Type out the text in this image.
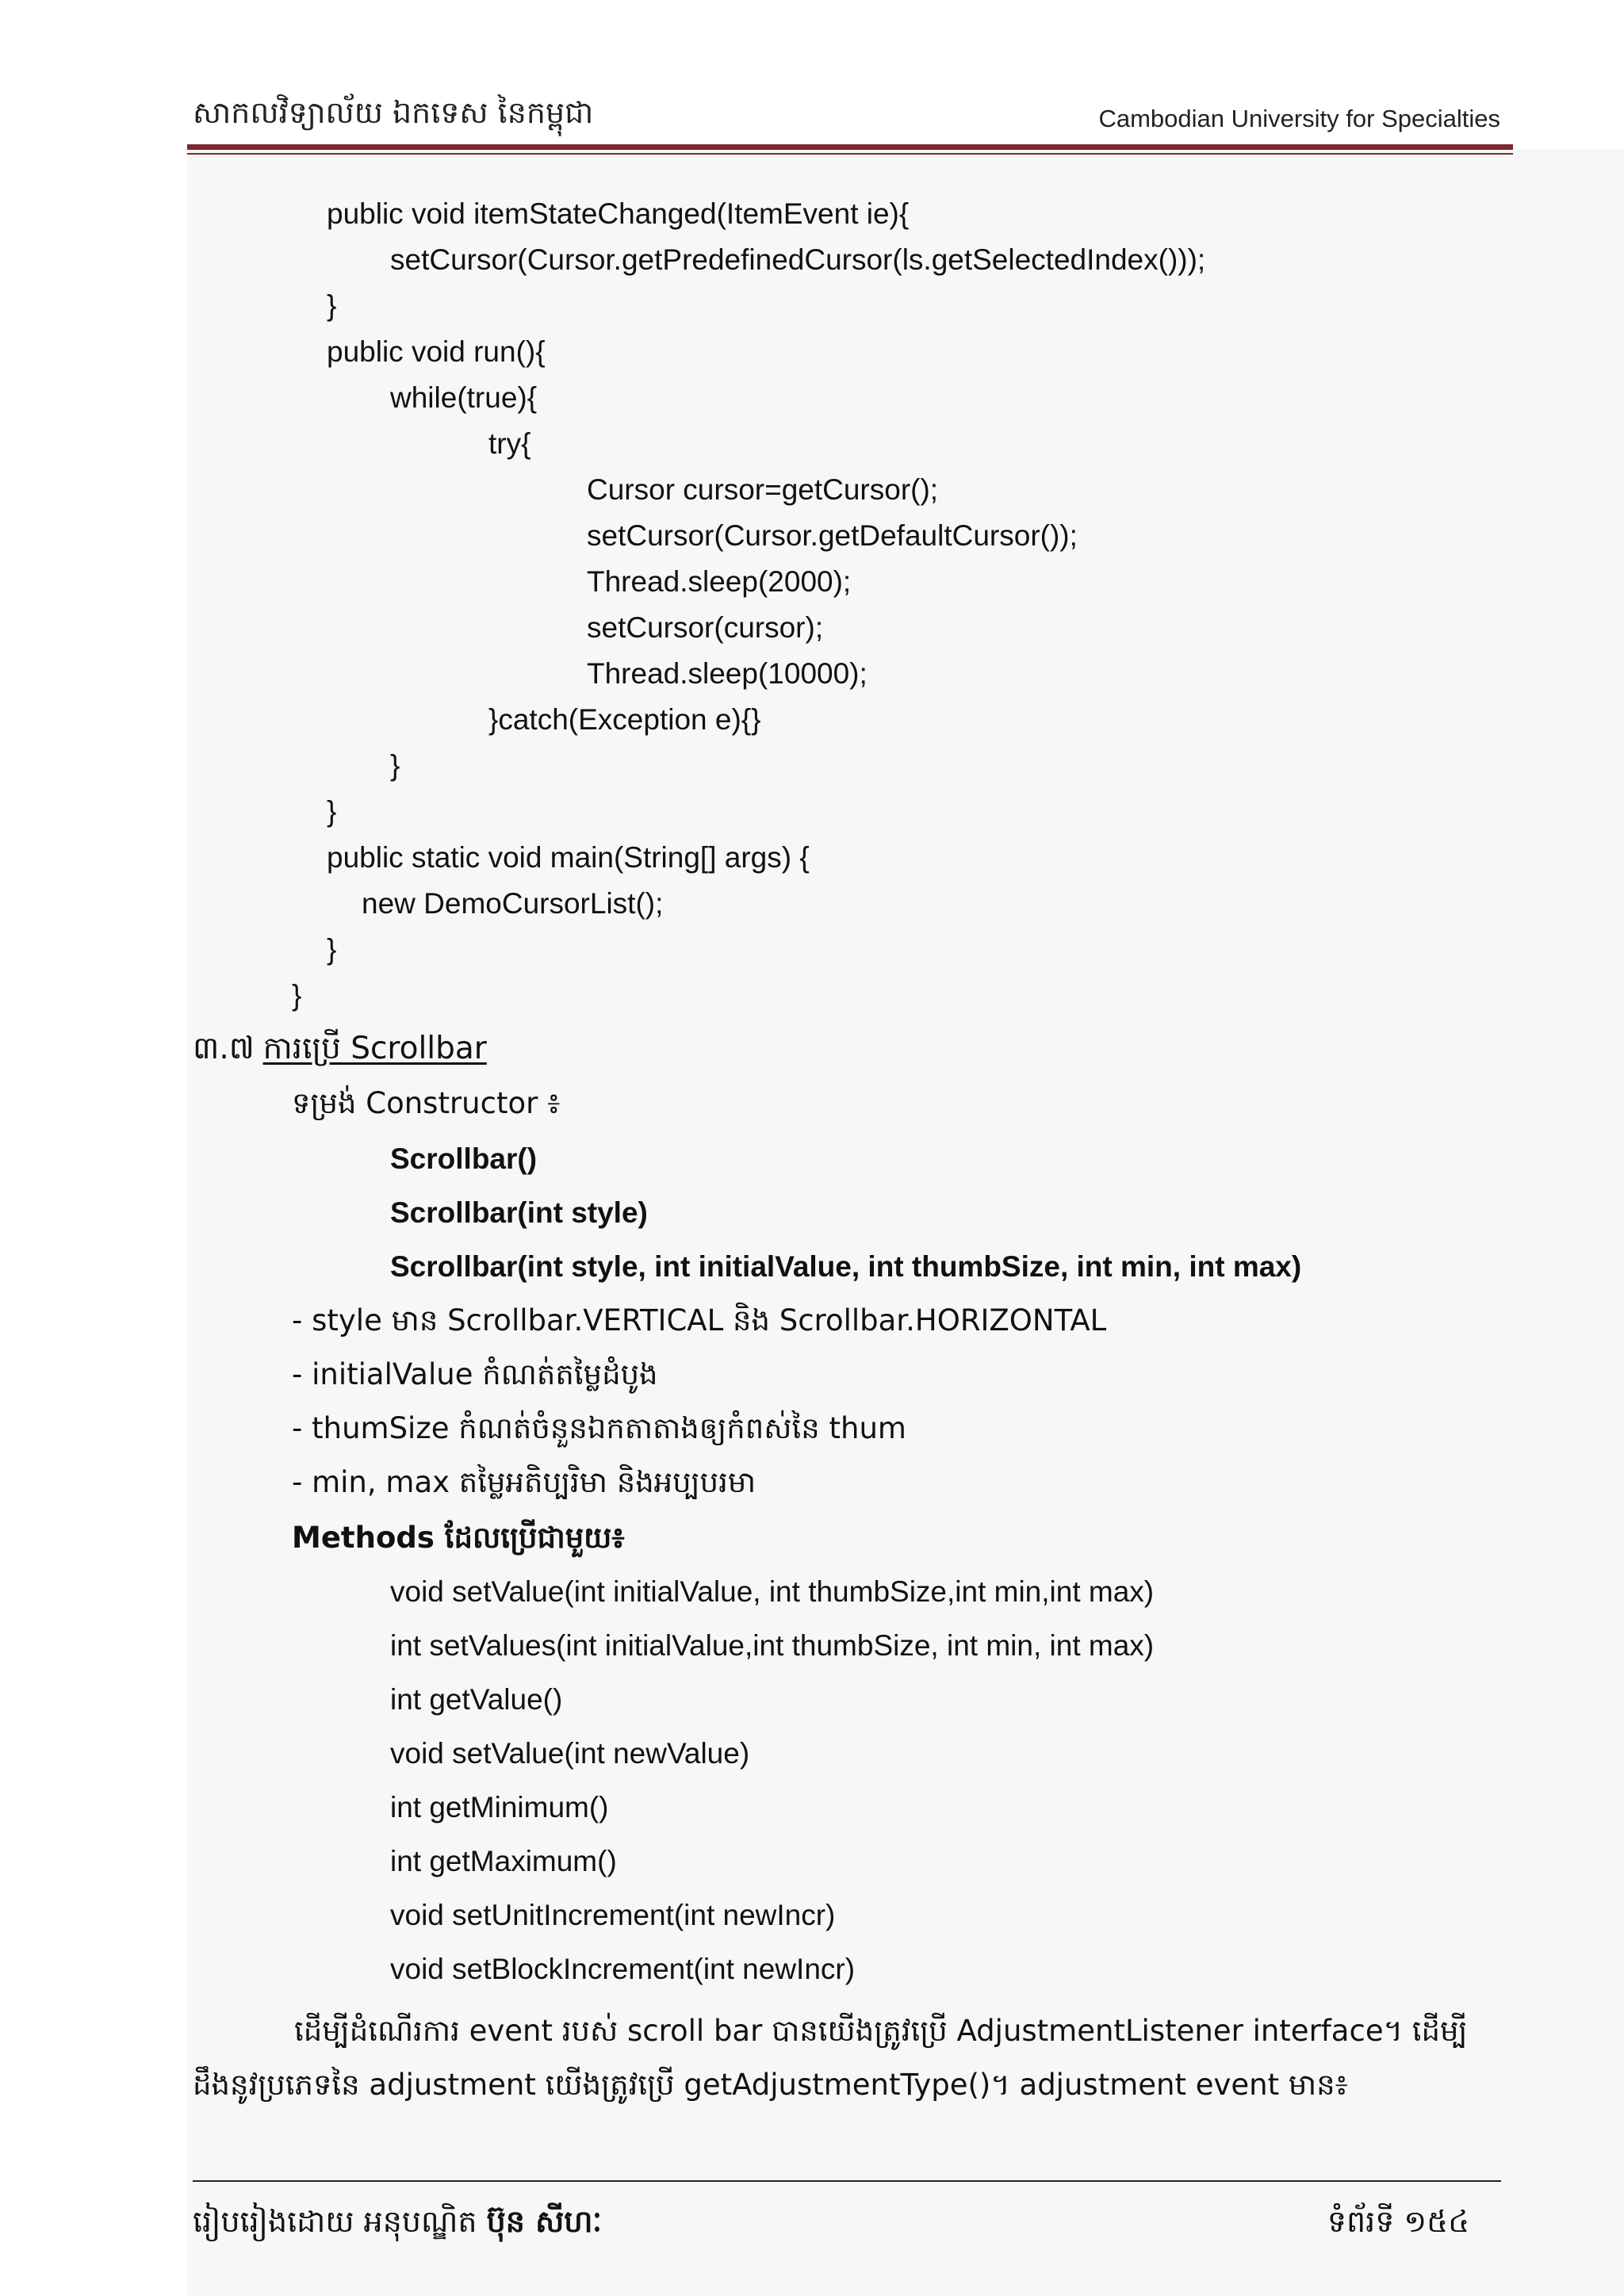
សាកលវិទ្យាល័យ ឯកទេស នៃកម្ពុជា	Cambodian University for Specialties
public void itemStateChanged(ItemEvent ie){
setCursor(Cursor.getPredefinedCursor(ls.getSelectedIndex()));
}
public void run(){
while(true){
try{
Cursor cursor=getCursor();
setCursor(Cursor.getDefaultCursor());
Thread.sleep(2000);
setCursor(cursor);
Thread.sleep(10000);
}catch(Exception e){}
}
}
public static void main(String[] args) {
new DemoCursorList();
}
}
៣.៧ ការប្រើ Scrollbar
ទម្រង់ Constructor ៖
Scrollbar()
Scrollbar(int style)
Scrollbar(int style, int initialValue, int thumbSize, int min, int max)
- style មាន Scrollbar.VERTICAL និង Scrollbar.HORIZONTAL
- initialValue កំណត់តម្លៃដំបូង
- thumSize កំណត់ចំនួនឯកតាតាងឲ្យកំពស់នៃ thum
- min, max តម្លៃអតិប្បរិមា និងអប្បបរមា
Methods ដែលប្រើជាមួយ៖
void setValue(int initialValue, int thumbSize,int min,int max)
int setValues(int initialValue,int thumbSize, int min, int max)
int getValue()
void setValue(int newValue)
int getMinimum()
int getMaximum()
void setUnitIncrement(int newIncr)
void setBlockIncrement(int newIncr)
ដើម្បីដំណើរការ event របស់ scroll bar បានយើងត្រូវប្រើ AdjustmentListener interface។ ដើម្បី
ដឹងនូវប្រភេទនៃ adjustment យើងត្រូវប្រើ getAdjustmentType()។ adjustment event មាន៖
រៀបរៀងដោយ អនុបណ្ឌិត ប៊ុន សីហៈ	ទំព័រទី ១៥៤
